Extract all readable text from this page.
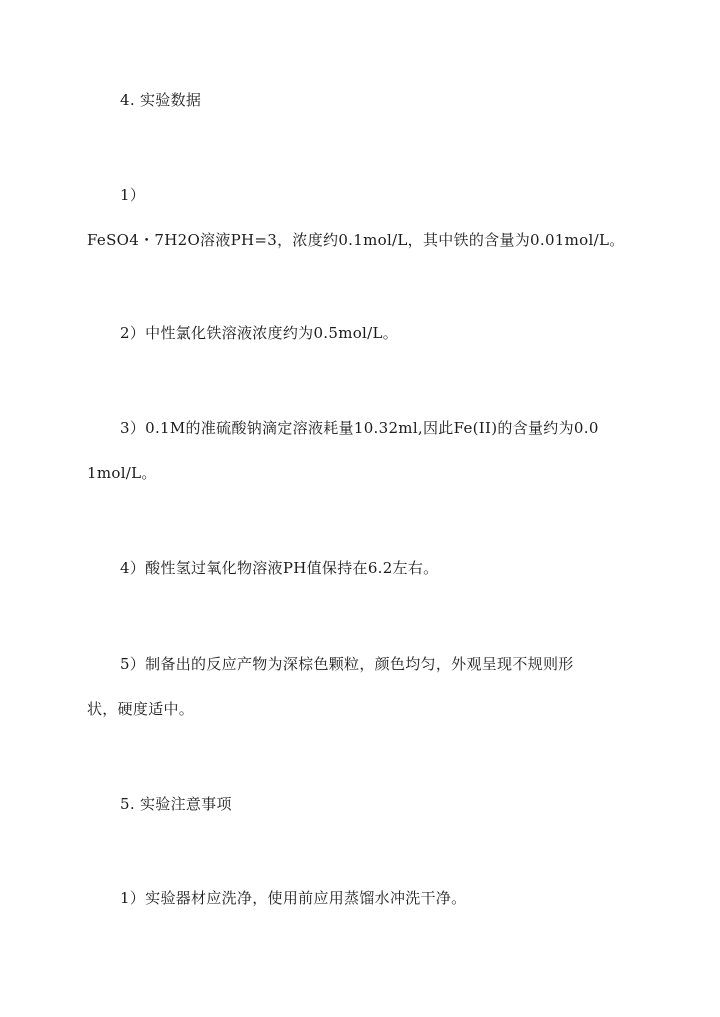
4. 实验数据
1）
FeSO4・7H2O溶液PH=3，浓度约0.1mol/L，其中铁的含量为0.01mol/L。
2）中性氯化铁溶液浓度约为0.5mol/L。
3）0.1M的准硫酸钠滴定溶液耗量10.32ml,因此Fe(II)的含量约为0.0
1mol/L。
4）酸性氢过氧化物溶液PH值保持在6.2左右。
5）制备出的反应产物为深棕色颗粒，颜色均匀，外观呈现不规则形
状，硬度适中。
5. 实验注意事项
1）实验器材应洗净，使用前应用蒸馏水冲洗干净。
